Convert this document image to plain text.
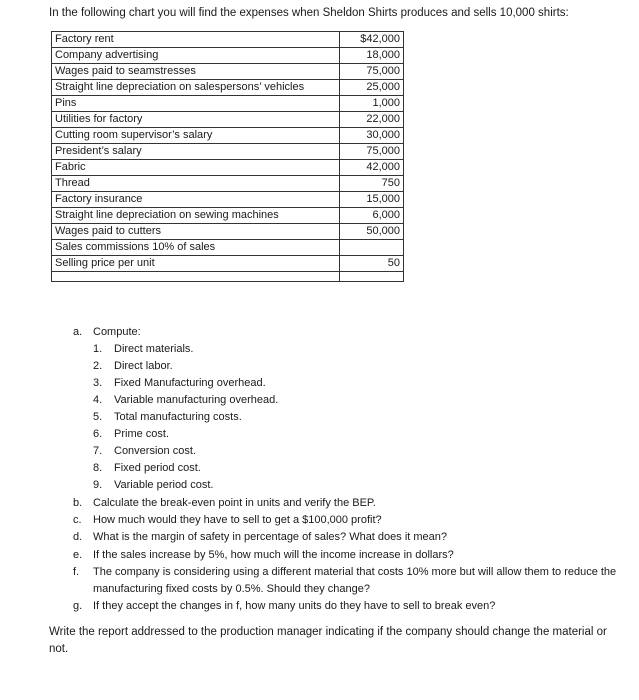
In the following chart you will find the expenses when Sheldon Shirts produces and sells 10,000 shirts:
Factory rent	$42,000
Company advertising	18,000
Wages paid to seamstresses	75,000
Straight line depreciation on salespersons’ vehicles	25,000
Pins	1,000
Utilities for factory	22,000
Cutting room supervisor’s salary	30,000
President’s salary	75,000
Fabric	42,000
Thread	750
Factory insurance	15,000
Straight line depreciation on sewing machines	6,000
Wages paid to cutters	50,000
Sales commissions 10% of sales	
Selling price per unit	50

a. Compute:
1. Direct materials.
2. Direct labor.
3. Fixed Manufacturing overhead.
4. Variable manufacturing overhead.
5. Total manufacturing costs.
6. Prime cost.
7. Conversion cost.
8. Fixed period cost.
9. Variable period cost.
b. Calculate the break-even point in units and verify the BEP.
c.	How much would they have to sell to get a $100,000 profit?
d. What is the margin of safety in percentage of sales? What does it mean?
e. If the sales increase by 5%, how much will the income increase in dollars?
f.	The company is considering using a different material that costs 10% more but will allow them to reduce the manufacturing fixed costs by 0.5%. Should they change?
g. If they accept the changes in f, how many units do they have to sell to break even?
Write the report addressed to the production manager indicating if the company should change the material or not.
